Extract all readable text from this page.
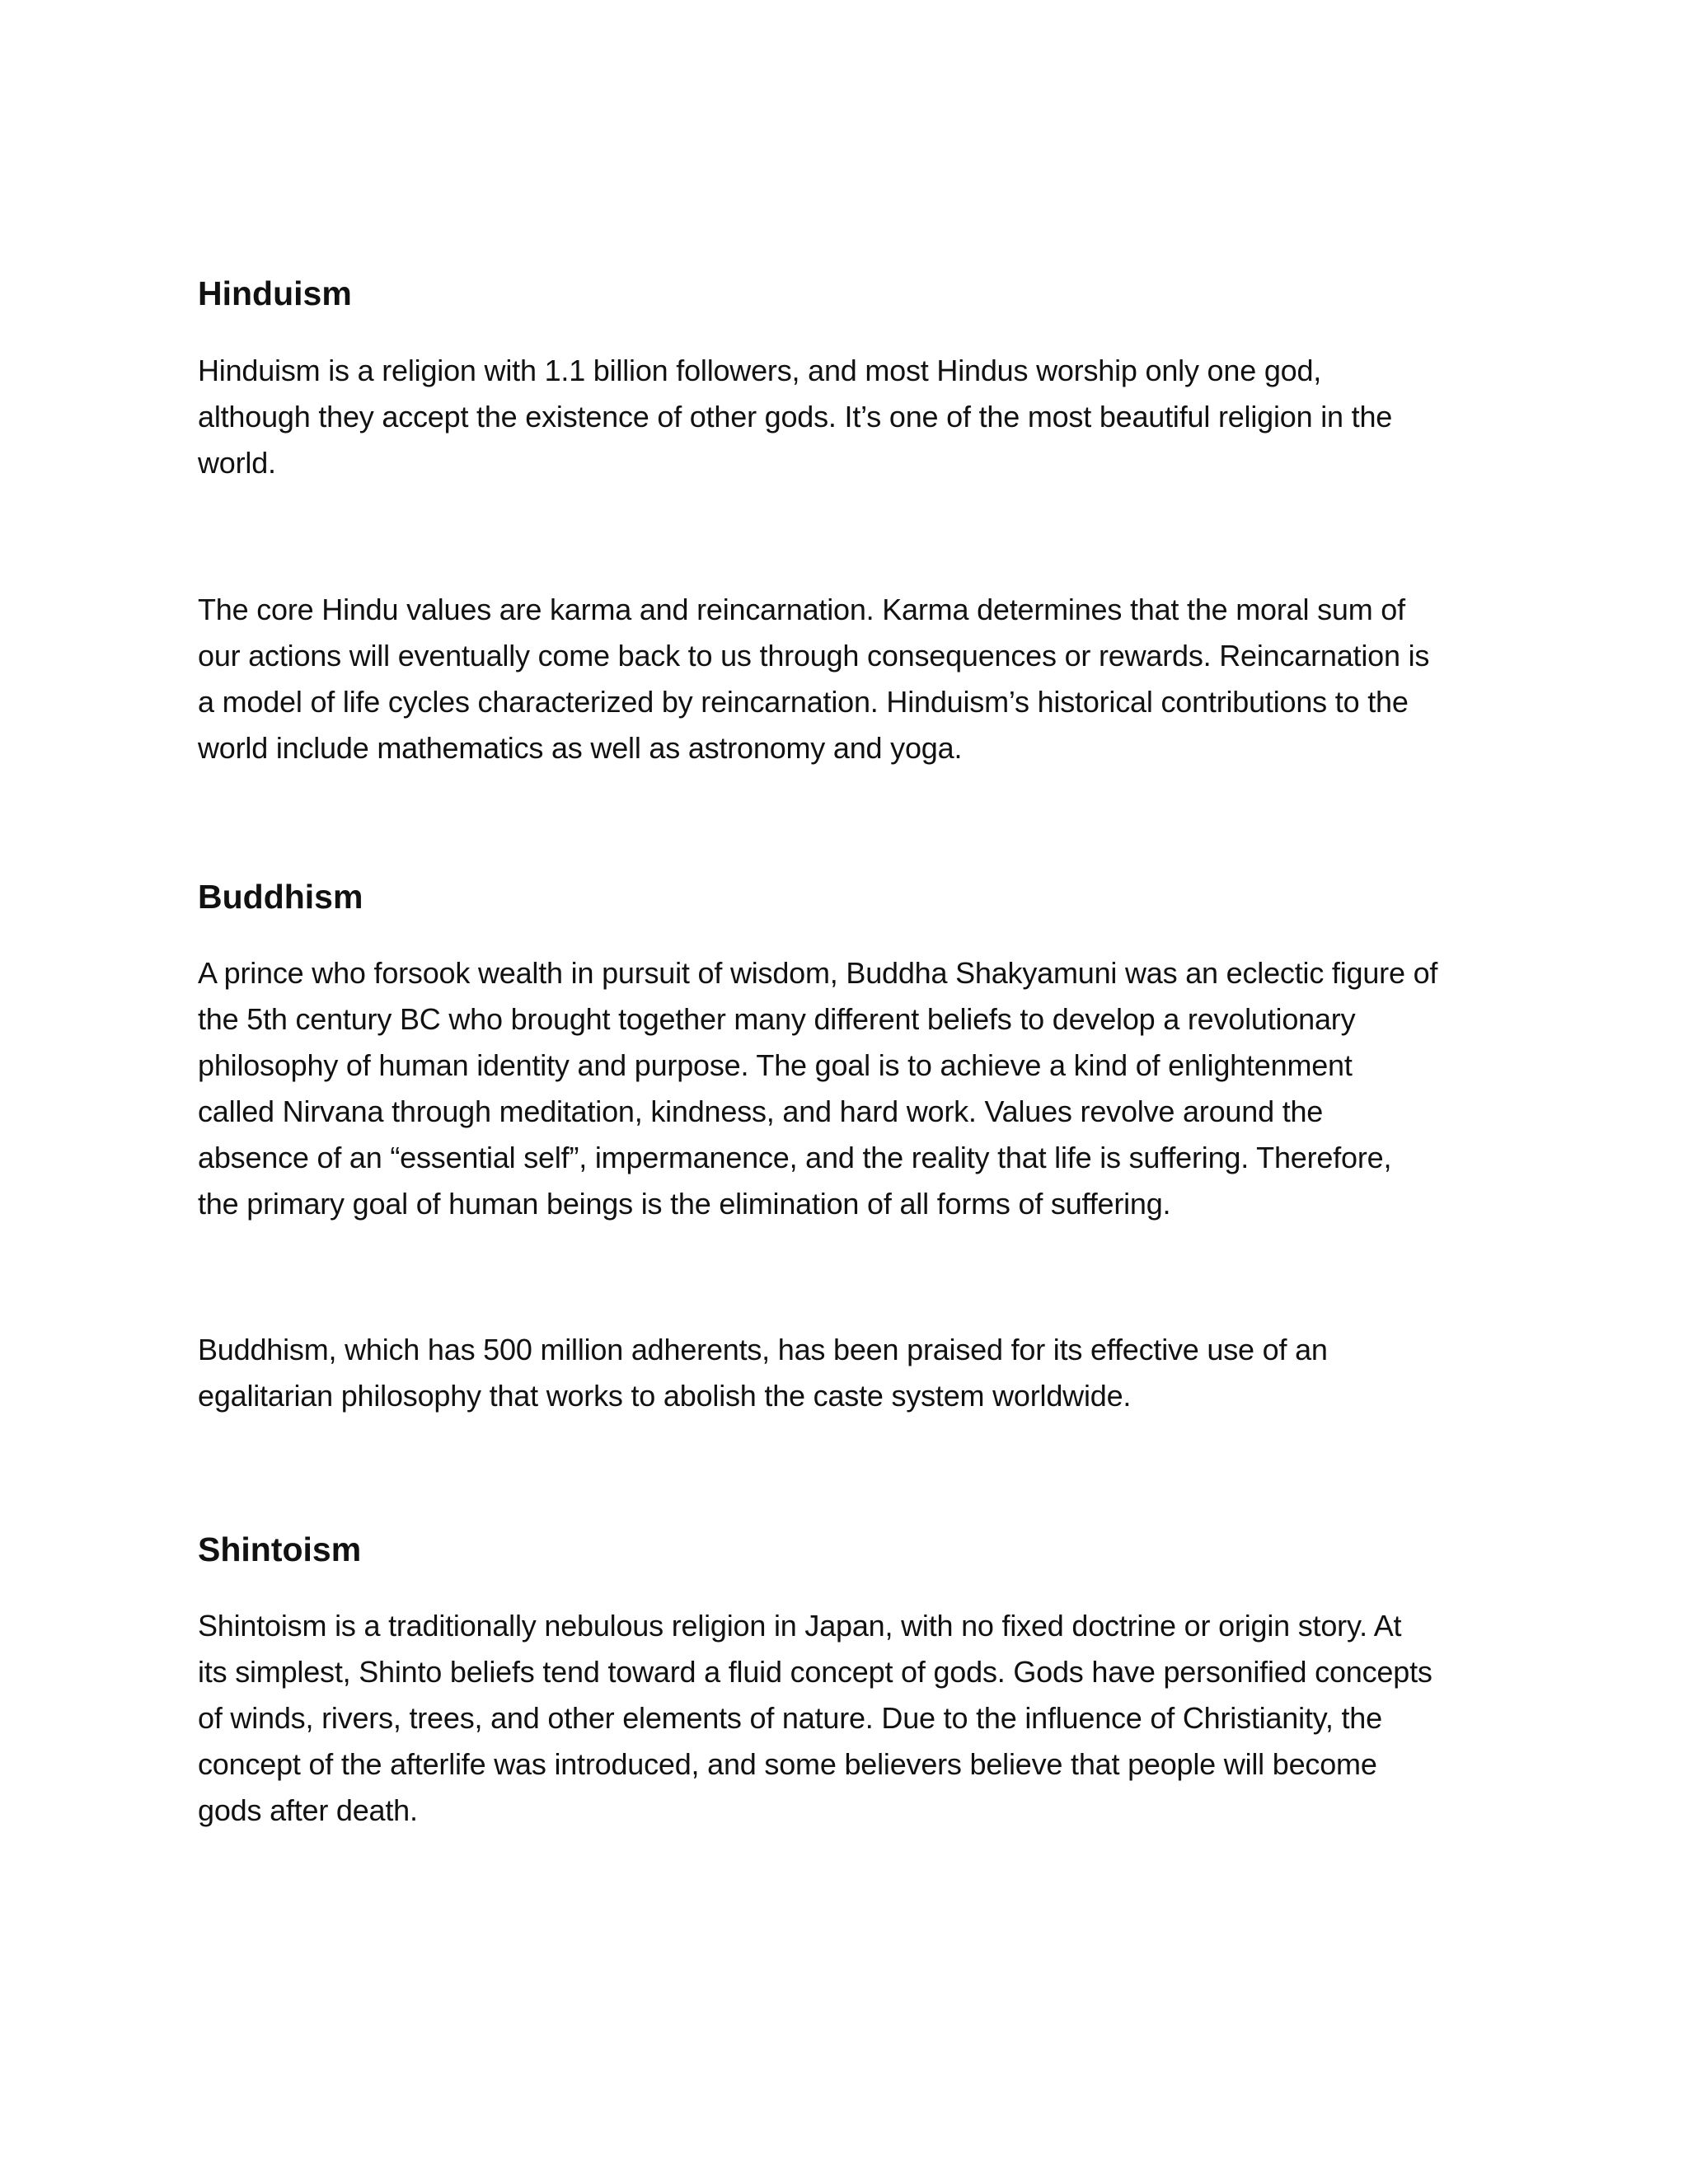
Hinduism

Hinduism is a religion with 1.1 billion followers, and most Hindus worship only one god,
although they accept the existence of other gods. It’s one of the most beautiful religion in the
world.

The core Hindu values are karma and reincarnation. Karma determines that the moral sum of
our actions will eventually come back to us through consequences or rewards. Reincarnation is
a model of life cycles characterized by reincarnation. Hinduism’s historical contributions to the
world include mathematics as well as astronomy and yoga.

Buddhism

A prince who forsook wealth in pursuit of wisdom, Buddha Shakyamuni was an eclectic figure of
the 5th century BC who brought together many different beliefs to develop a revolutionary
philosophy of human identity and purpose. The goal is to achieve a kind of enlightenment
called Nirvana through meditation, kindness, and hard work. Values revolve around the
absence of an “essential self”, impermanence, and the reality that life is suffering. Therefore,
the primary goal of human beings is the elimination of all forms of suffering.

Buddhism, which has 500 million adherents, has been praised for its effective use of an
egalitarian philosophy that works to abolish the caste system worldwide.

Shintoism

Shintoism is a traditionally nebulous religion in Japan, with no fixed doctrine or origin story. At
its simplest, Shinto beliefs tend toward a fluid concept of gods. Gods have personified concepts
of winds, rivers, trees, and other elements of nature. Due to the influence of Christianity, the
concept of the afterlife was introduced, and some believers believe that people will become
gods after death.
